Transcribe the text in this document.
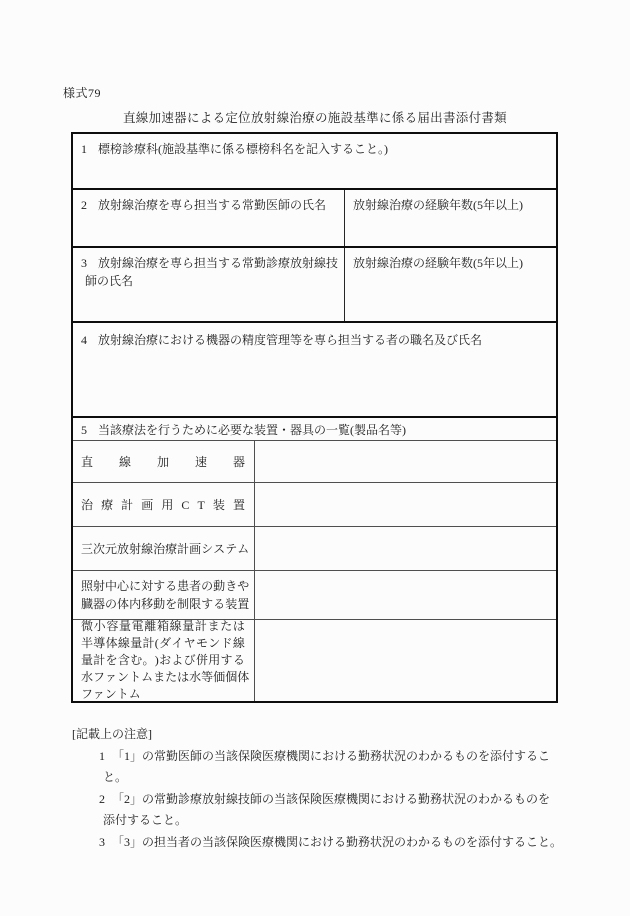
様式79
直線加速器による定位放射線治療の施設基準に係る届出書添付書類
1 標榜診療科(施設基準に係る標榜科名を記入すること。)
2 放射線治療を専ら担当する常勤医師の氏名	放射線治療の経験年数(5年以上)
3 放射線治療を専ら担当する常勤診療放射線技
師の氏名
放射線治療の経験年数(5年以上)
4 放射線治療における機器の精度管理等を専ら担当する者の職名及び氏名
5 当該療法を行うために必要な装置・器具の一覧(製品名等)
直 線 加 速 器
治 療 計 画 用 C T 装 置
三 次 元 放 射 線 治 療 計 画 シ ス テ ム
照 射 中 心 に 対 す る 患 者 の 動 き や
臓 器 の 体 内 移 動 を 制 限 す る 装 置
微 小 容 量 電 離 箱 線 量 計 ま た は
半 導 体 線 量 計 ( ダ イ ヤ モ ン ド 線
量 計 を 含 む 。 ) お よ び 併 用 す る
水 フ ァ ン ト ム ま た は 水 等 価 個 体
ファントム
[記載上の注意]
1 「1」の常勤医師の当該保険医療機関における勤務状況のわかるものを添付するこ
と。
2 「2」の常勤診療放射線技師の当該保険医療機関における勤務状況のわかるものを
添付すること。
3 「3」の担当者の当該保険医療機関における勤務状況のわかるものを添付すること。
